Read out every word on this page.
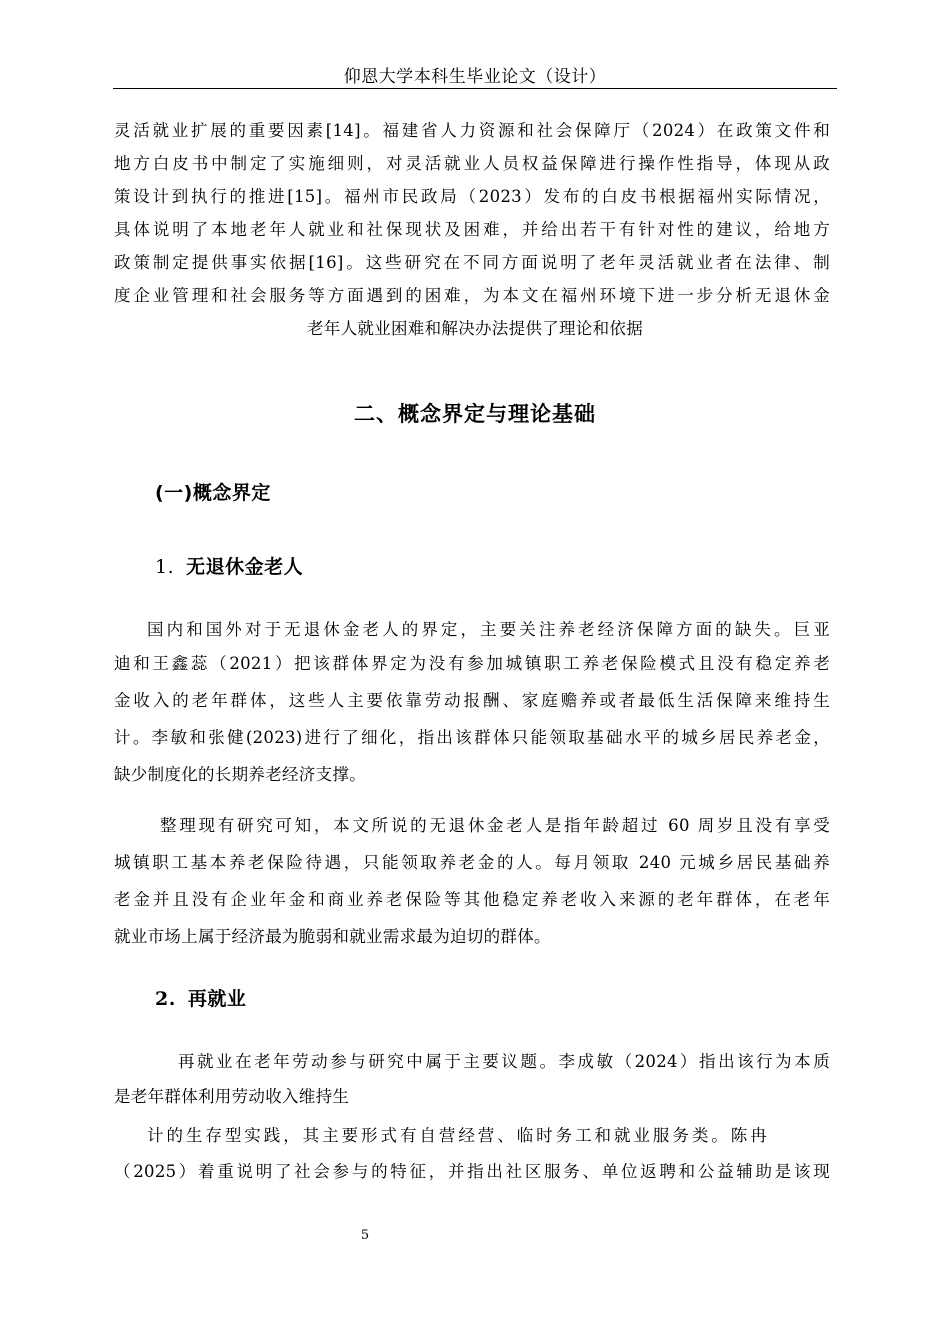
仰恩大学本科生毕业论文（设计）
灵活就业扩展的重要因素[14]。福建省人力资源和社会保障厅（2024）在政策文件和
地方白皮书中制定了实施细则，对灵活就业人员权益保障进行操作性指导，体现从政
策设计到执行的推进[15]。福州市民政局（2023）发布的白皮书根据福州实际情况，
具体说明了本地老年人就业和社保现状及困难，并给出若干有针对性的建议，给地方
政策制定提供事实依据[16]。这些研究在不同方面说明了老年灵活就业者在法律、制
度企业管理和社会服务等方面遇到的困难，为本文在福州环境下进一步分析无退休金
老年人就业困难和解决办法提供了理论和依据
二、概念界定与理论基础
(一)概念界定
1. 无退休金老人
国内和国外对于无退休金老人的界定，主要关注养老经济保障方面的缺失。巨亚
迪和王鑫蕊（2021）把该群体界定为没有参加城镇职工养老保险模式且没有稳定养老
金收入的老年群体，这些人主要依靠劳动报酬、家庭赡养或者最低生活保障来维持生
计。李敏和张健(2023)进行了细化，指出该群体只能领取基础水平的城乡居民养老金，
缺少制度化的长期养老经济支撑。
整理现有研究可知，本文所说的无退休金老人是指年龄超过 60 周岁且没有享受
城镇职工基本养老保险待遇，只能领取养老金的人。每月领取 240 元城乡居民基础养
老金并且没有企业年金和商业养老保险等其他稳定养老收入来源的老年群体，在老年
就业市场上属于经济最为脆弱和就业需求最为迫切的群体。
2. 再就业
再就业在老年劳动参与研究中属于主要议题。李成敏（2024）指出该行为本质
是老年群体利用劳动收入维持生
计的生存型实践，其主要形式有自营经营、临时务工和就业服务类。陈冉
（2025）着重说明了社会参与的特征，并指出社区服务、单位返聘和公益辅助是该现
5
